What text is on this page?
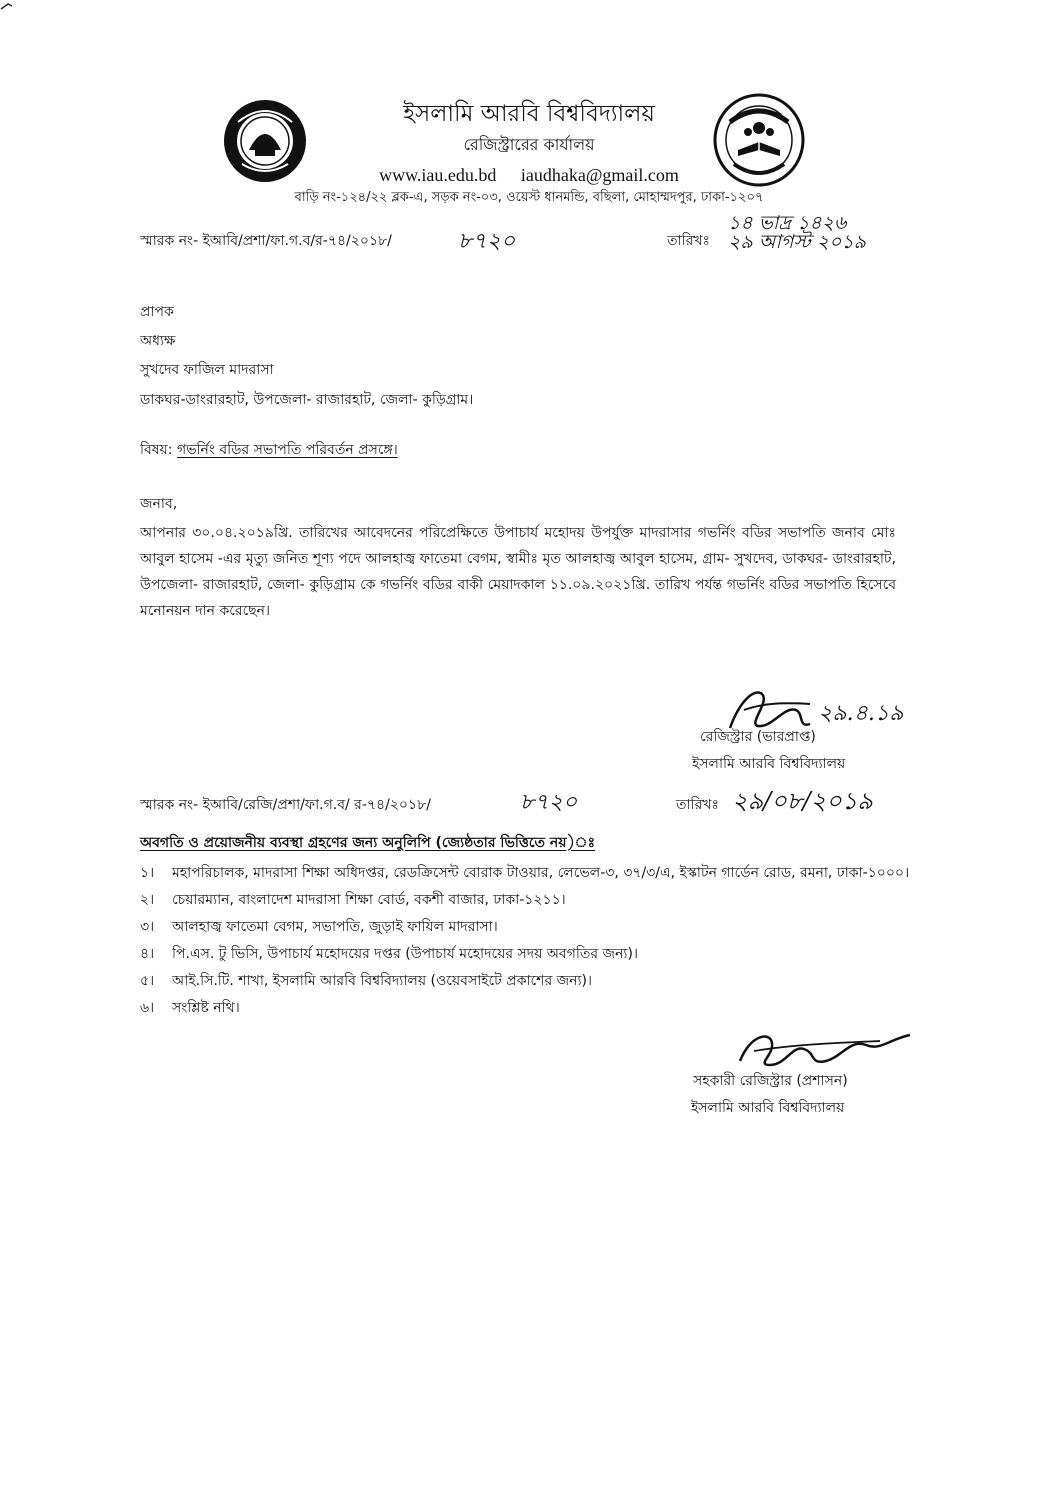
ইসলামি আরবি বিশ্ববিদ্যালয়
রেজিস্ট্রারের কার্যালয়
www.iau.edu.bd iaudhaka@gmail.com
বাড়ি নং-১২৪/২২ ব্লক-এ, সড়ক নং-০৩, ওয়েস্ট ধানমন্ডি, বছিলা, মোহাম্মদপুর, ঢাকা-১২০৭
স্মারক নং- ইআবি/প্রশা/ফা.গ.ব/র-৭৪/২০১৮/	৮৭২০	তারিখঃ
১৪ ভাদ্র ১৪২৬
২৯ আগস্ট ২০১৯
প্রাপক
অধ্যক্ষ
সুখদেব ফাজিল মাদরাসা
ডাকঘর-ডাংরারহাট, উপজেলা- রাজারহাট, জেলা- কুড়িগ্রাম।
বিষয়: গভর্নিং বডির সভাপতি পরিবর্তন প্রসঙ্গে।
জনাব,
আপনার ৩০.০৪.২০১৯খ্রি. তারিখের আবেদনের পরিপ্রেক্ষিতে উপাচার্য মহোদয় উপর্যুক্ত মাদরাসার গভর্নিং বডির সভাপতি জনাব মোঃ আবুল হাসেম -এর মৃত্যু জনিত শূণ্য পদে আলহাজ্ব ফাতেমা বেগম, স্বামীঃ মৃত আলহাজ্ব আবুল হাসেম, গ্রাম- সুখদেব, ডাকঘর- ডাংরারহাট, উপজেলা- রাজারহাট, জেলা- কুড়িগ্রাম কে গভর্নিং বডির বাকী মেয়াদকাল ১১.০৯.২০২১খ্রি. তারিখ পর্যন্ত গভর্নিং বডির সভাপতি হিসেবে মনোনয়ন দান করেছেন।
২৯.৪.১৯
রেজিস্ট্রার (ভারপ্রাপ্ত)
ইসলামি আরবি বিশ্ববিদ্যালয়
স্মারক নং- ইআবি/রেজি/প্রশা/ফা.গ.ব/ র-৭৪/২০১৮/	৮৭২০	তারিখঃ ২৯/০৮/২০১৯
অবগতি ও প্রয়োজনীয় ব্যবস্থা গ্রহণের জন্য অনুলিপি (জ্যেষ্ঠতার ভিত্তিতে নয়)ঃ
১।	মহাপরিচালক, মাদরাসা শিক্ষা অধিদপ্তর, রেডক্রিসেন্ট বোরাক টাওয়ার, লেভেল-৩, ৩৭/৩/এ, ইস্কাটন গার্ডেন রোড, রমনা, ঢাকা-১০০০।
২।	চেয়ারম্যান, বাংলাদেশ মাদরাসা শিক্ষা বোর্ড, বকশী বাজার, ঢাকা-১২১১।
৩।	আলহাজ্ব ফাতেমা বেগম, সভাপতি, জুড়াই ফাযিল মাদরাসা।
৪।	পি.এস. টু ভিসি, উপাচার্য মহোদয়ের দপ্তর (উপাচার্য মহোদয়ের সদয় অবগতির জন্য)।
৫।	আই.সি.টি. শাখা, ইসলামি আরবি বিশ্ববিদ্যালয় (ওয়েবসাইটে প্রকাশের জন্য)।
৬।	সংশ্লিষ্ট নথি।
সহকারী রেজিস্ট্রার (প্রশাসন)
ইসলামি আরবি বিশ্ববিদ্যালয়
